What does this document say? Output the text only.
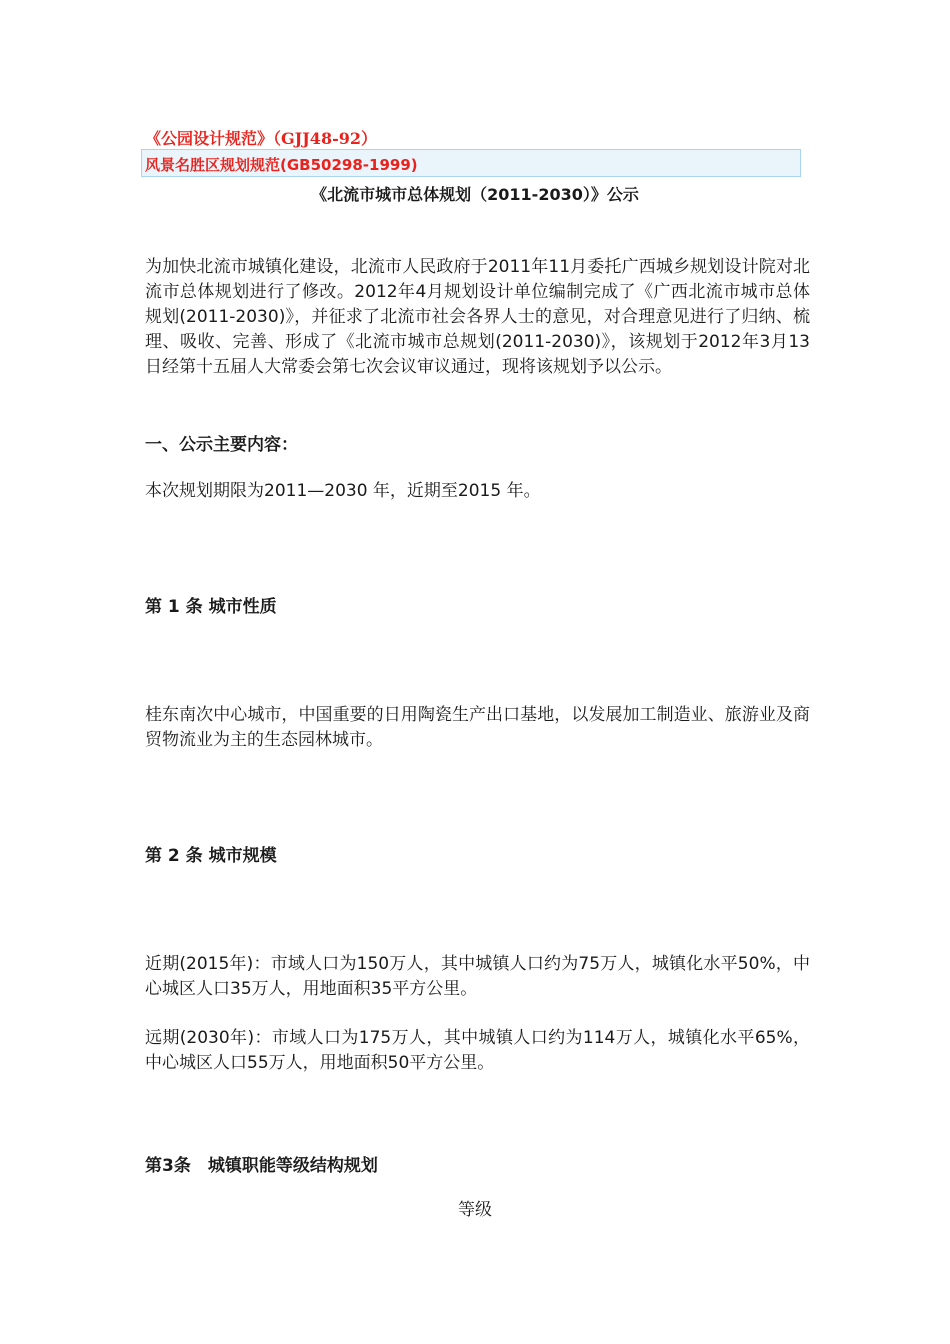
《公园设计规范》（GJJ48-92）
风景名胜区规划规范(GB50298-1999)
《北流市城市总体规划（2011-2030）》公示
为加快北流市城镇化建设，北流市人民政府于2011年11月委托广西城乡规划设计院对北流市总体规划进行了修改。2012年4月规划设计单位编制完成了《广西北流市城市总体规划(2011-2030)》，并征求了北流市社会各界人士的意见，对合理意见进行了归纳、梳理、吸收、完善、形成了《北流市城市总规划(2011-2030)》，该规划于2012年3月13日经第十五届人大常委会第七次会议审议通过，现将该规划予以公示。
一、公示主要内容：
本次规划期限为2011—2030 年，近期至2015 年。
第 1 条 城市性质
桂东南次中心城市，中国重要的日用陶瓷生产出口基地，以发展加工制造业、旅游业及商贸物流业为主的生态园林城市。
第 2 条 城市规模
近期(2015年)：市域人口为150万人，其中城镇人口约为75万人，城镇化水平50%，中心城区人口35万人，用地面积35平方公里。
远期(2030年)：市域人口为175万人，其中城镇人口约为114万人，城镇化水平65%，中心城区人口55万人，用地面积50平方公里。
第3条　城镇职能等级结构规划
等级
